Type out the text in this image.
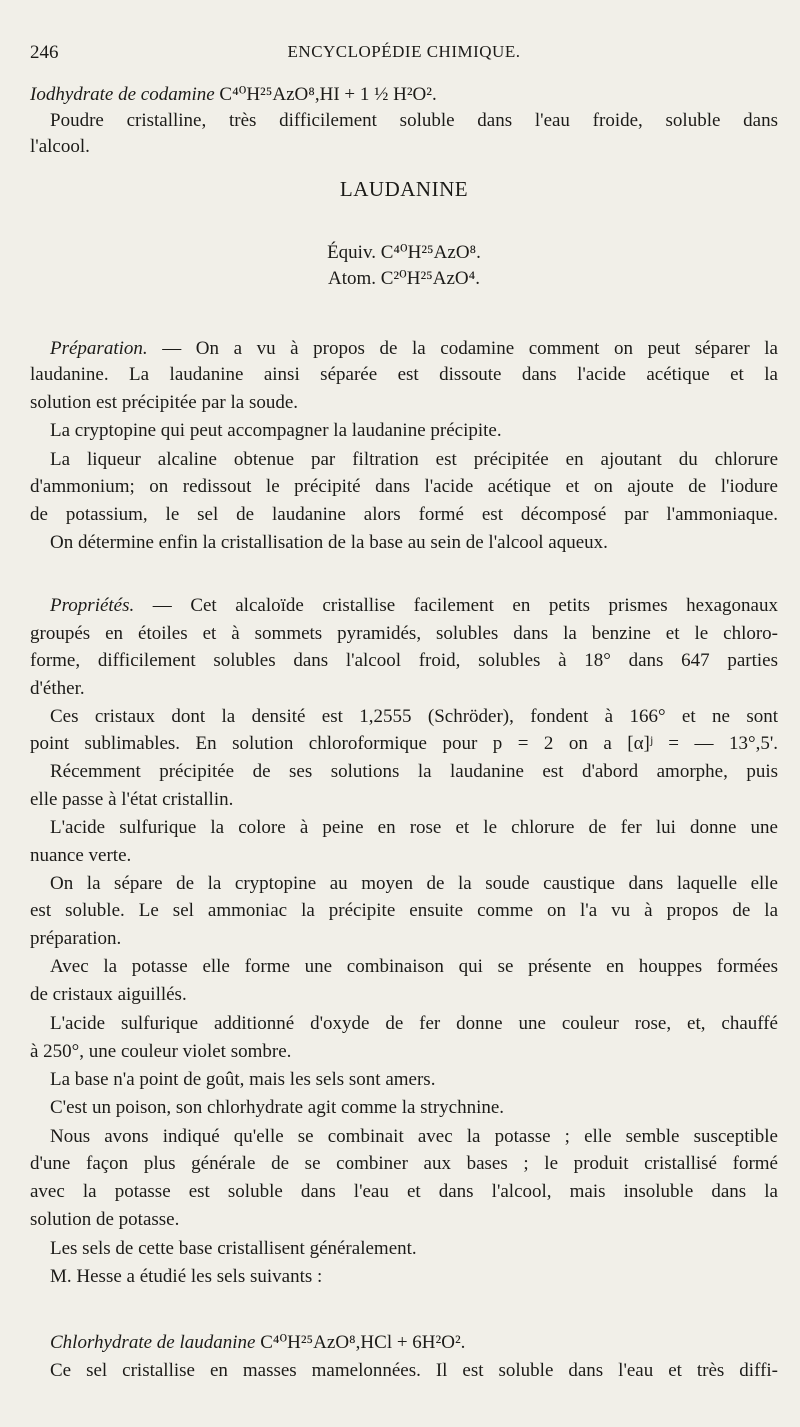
246	ENCYCLOPÉDIE CHIMIQUE.
Iodhydrate de codamine C⁴⁰H²⁵AzO⁸,HI + 1 ½ H²O².
Poudre cristalline, très difficilement soluble dans l'eau froide, soluble dans
l'alcool.
LAUDANINE
Équiv. C⁴⁰H²⁵AzO⁸.
Atom. C²⁰H²⁵AzO⁴.
Préparation. — On a vu à propos de la codamine comment on peut séparer la
laudanine. La laudanine ainsi séparée est dissoute dans l'acide acétique et la
solution est précipitée par la soude.
La cryptopine qui peut accompagner la laudanine précipite.
La liqueur alcaline obtenue par filtration est précipitée en ajoutant du chlorure
d'ammonium; on redissout le précipité dans l'acide acétique et on ajoute de l'iodure
de potassium, le sel de laudanine alors formé est décomposé par l'ammoniaque.
On détermine enfin la cristallisation de la base au sein de l'alcool aqueux.
Propriétés. — Cet alcaloïde cristallise facilement en petits prismes hexagonaux
groupés en étoiles et à sommets pyramidés, solubles dans la benzine et le chloro-
forme, difficilement solubles dans l'alcool froid, solubles à 18° dans 647 parties
d'éther.
Ces cristaux dont la densité est 1,2555 (Schröder), fondent à 166° et ne sont
point sublimables. En solution chloroformique pour p = 2 on a [α]ʲ = — 13°,5'.
Récemment précipitée de ses solutions la laudanine est d'abord amorphe, puis
elle passe à l'état cristallin.
L'acide sulfurique la colore à peine en rose et le chlorure de fer lui donne une
nuance verte.
On la sépare de la cryptopine au moyen de la soude caustique dans laquelle elle
est soluble. Le sel ammoniac la précipite ensuite comme on l'a vu à propos de la
préparation.
Avec la potasse elle forme une combinaison qui se présente en houppes formées
de cristaux aiguillés.
L'acide sulfurique additionné d'oxyde de fer donne une couleur rose, et, chauffé
à 250°, une couleur violet sombre.
La base n'a point de goût, mais les sels sont amers.
C'est un poison, son chlorhydrate agit comme la strychnine.
Nous avons indiqué qu'elle se combinait avec la potasse ; elle semble susceptible
d'une façon plus générale de se combiner aux bases ; le produit cristallisé formé
avec la potasse est soluble dans l'eau et dans l'alcool, mais insoluble dans la
solution de potasse.
Les sels de cette base cristallisent généralement.
M. Hesse a étudié les sels suivants :
Chlorhydrate de laudanine C⁴⁰H²⁵AzO⁸,HCl + 6H²O².
Ce sel cristallise en masses mamelonnées. Il est soluble dans l'eau et très diffi-
